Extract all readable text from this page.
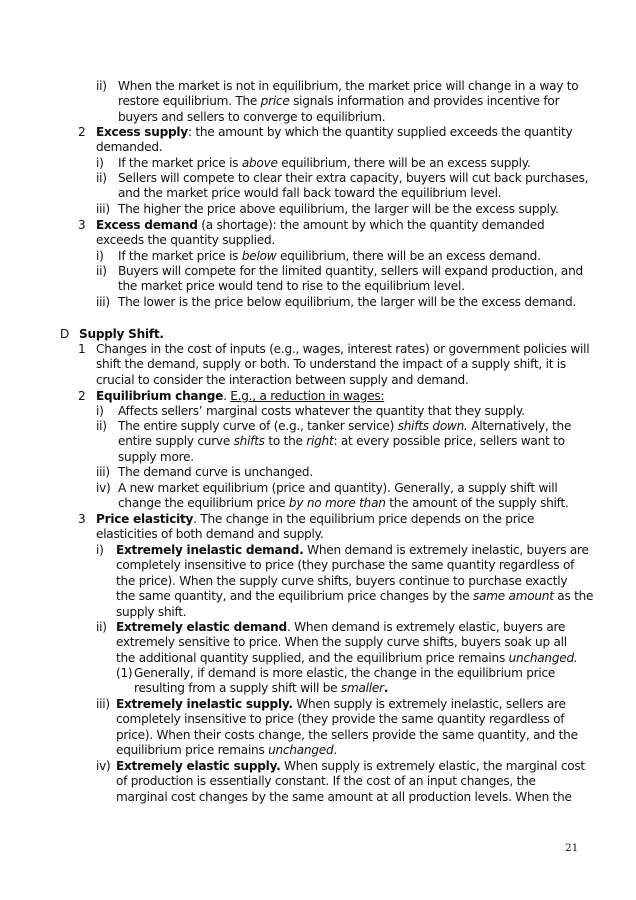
ii) When the market is not in equilibrium, the market price will change in a way to
restore equilibrium. The price signals information and provides incentive for
buyers and sellers to converge to equilibrium.
2 Excess supply: the amount by which the quantity supplied exceeds the quantity
demanded.
i) If the market price is above equilibrium, there will be an excess supply.
ii) Sellers will compete to clear their extra capacity, buyers will cut back purchases,
and the market price would fall back toward the equilibrium level.
iii) The higher the price above equilibrium, the larger will be the excess supply.
3 Excess demand (a shortage): the amount by which the quantity demanded
exceeds the quantity supplied.
i) If the market price is below equilibrium, there will be an excess demand.
ii) Buyers will compete for the limited quantity, sellers will expand production, and
the market price would tend to rise to the equilibrium level.
iii) The lower is the price below equilibrium, the larger will be the excess demand.
D Supply Shift.
1 Changes in the cost of inputs (e.g., wages, interest rates) or government policies will
shift the demand, supply or both. To understand the impact of a supply shift, it is
crucial to consider the interaction between supply and demand.
2 Equilibrium change. E.g., a reduction in wages:
i) Affects sellers’ marginal costs whatever the quantity that they supply.
ii) The entire supply curve of (e.g., tanker service) shifts down. Alternatively, the
entire supply curve shifts to the right: at every possible price, sellers want to
supply more.
iii) The demand curve is unchanged.
iv) A new market equilibrium (price and quantity). Generally, a supply shift will
change the equilibrium price by no more than the amount of the supply shift.
3 Price elasticity. The change in the equilibrium price depends on the price
elasticities of both demand and supply.
i) Extremely inelastic demand. When demand is extremely inelastic, buyers are
completely insensitive to price (they purchase the same quantity regardless of
the price). When the supply curve shifts, buyers continue to purchase exactly
the same quantity, and the equilibrium price changes by the same amount as the
supply shift.
ii) Extremely elastic demand. When demand is extremely elastic, buyers are
extremely sensitive to price. When the supply curve shifts, buyers soak up all
the additional quantity supplied, and the equilibrium price remains unchanged.
(1) Generally, if demand is more elastic, the change in the equilibrium price
resulting from a supply shift will be smaller.
iii) Extremely inelastic supply. When supply is extremely inelastic, sellers are
completely insensitive to price (they provide the same quantity regardless of
price). When their costs change, the sellers provide the same quantity, and the
equilibrium price remains unchanged.
iv) Extremely elastic supply. When supply is extremely elastic, the marginal cost
of production is essentially constant. If the cost of an input changes, the
marginal cost changes by the same amount at all production levels. When the
21
